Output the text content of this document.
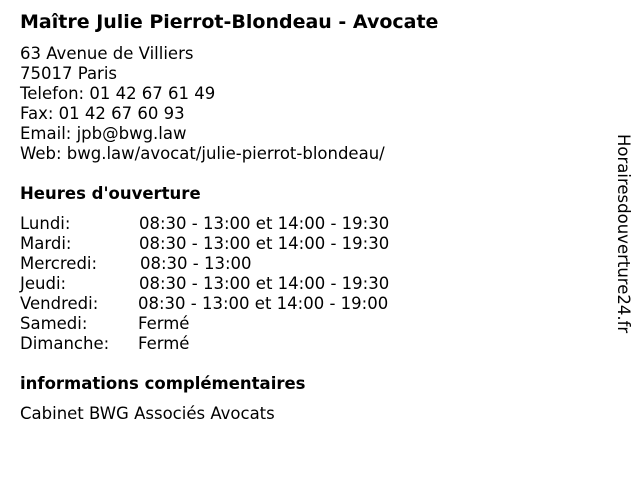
Maître Julie Pierrot-Blondeau - Avocate
63 Avenue de Villiers
75017 Paris
Telefon: 01 42 67 61 49
Fax: 01 42 67 60 93
Email: jpb@bwg.law
Web: bwg.law/avocat/julie-pierrot-blondeau/
Heures d'ouverture
Lundi:	08:30 - 13:00 et 14:00 - 19:30
Mardi:	08:30 - 13:00 et 14:00 - 19:30
Mercredi:	08:30 - 13:00
Jeudi:	08:30 - 13:00 et 14:00 - 19:30
Vendredi: 08:30 - 13:00 et 14:00 - 19:00
Samedi:	Fermé
Dimanche: Fermé
informations complémentaires
Cabinet BWG Associés Avocats
Horairesdouverture24.fr
